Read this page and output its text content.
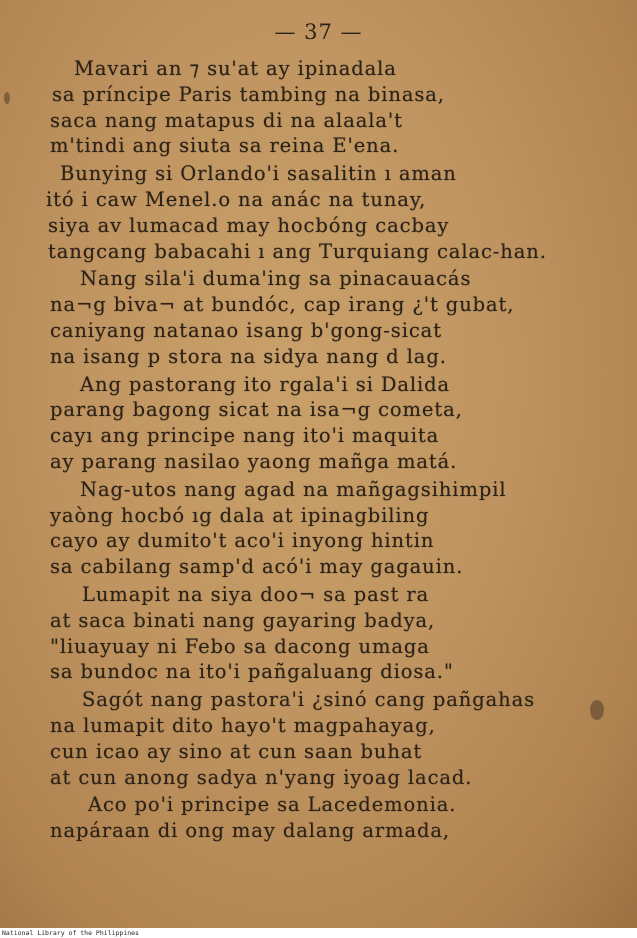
— 37 —
Mavari an ⁊ su'at ay ipinadala
sa príncipe Paris tambing na binasa,
saca nang matapus di na alaala't
m'tindi ang siuta sa reina E'ena.
Bunying si Orlando'i sasalitin ı aman
itó i caw Menel.o na anác na tunay,
siya av lumacad may hocbóng cacbay
tangcang babacahi ı ang Turquiang calac-han.
Nang sila'i duma'ing sa pinacauacás
na¬g biva¬ at bundóc, cap irang ¿'t gubat,
caniyang natanao isang b'gong-sicat
na isang p stora na sidya nang d lag.
Ang pastorang ito rgala'i si Dalida
parang bagong sicat na isa¬g cometa,
cayı ang principe nang ito'i maquita
ay parang nasilao yaong mañga matá.
Nag-utos nang agad na mañgagsihimpil
yaòng hocbó ıg dala at ipinagbiling
cayo ay dumito't aco'i inyong hintin
sa cabilang samp'd acó'i may gagauin.
Lumapit na siya doo¬ sa past ra
at saca binati nang gayaring badya,
"liuayuay ni Febo sa dacong umaga
sa bundoc na ito'i pañgaluang diosa."
Sagót nang pastora'i ¿sinó cang pañgahas
na lumapit dito hayo't magpahayag,
cun icao ay sino at cun saan buhat
at cun anong sadya n'yang iyoag lacad.
Aco po'i principe sa Lacedemonia.
napáraan di ong may dalang armada,
National Library of the Philippines
